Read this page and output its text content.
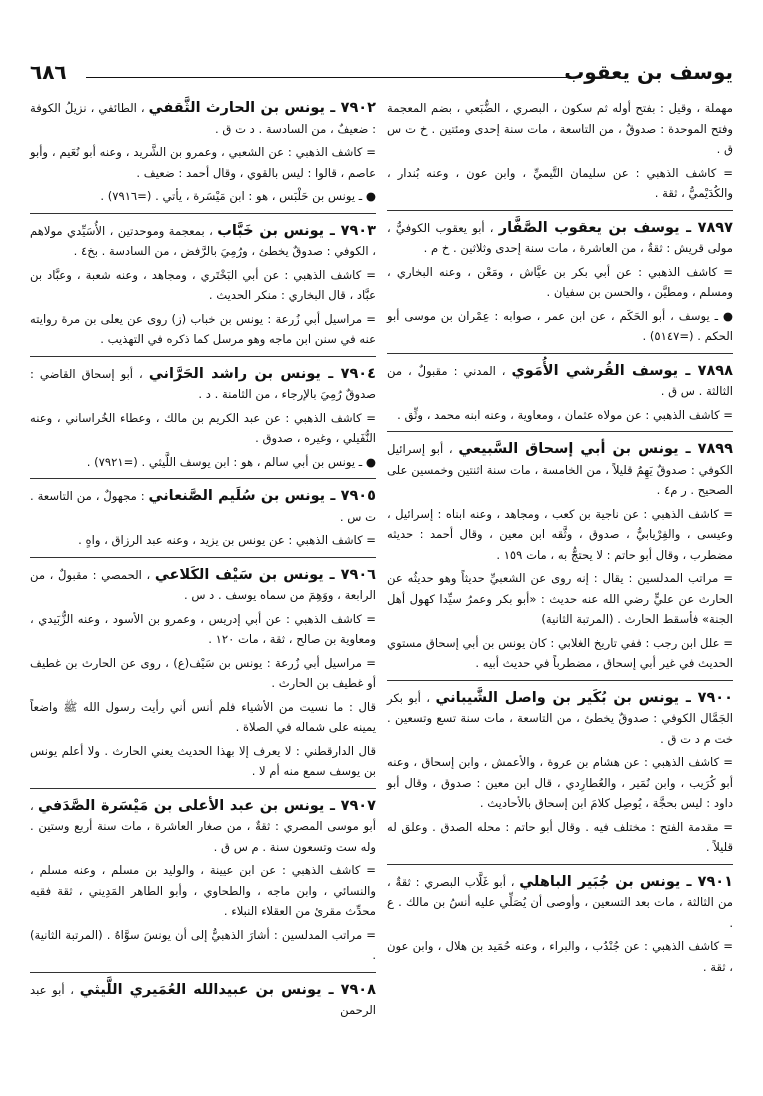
يوسف بن يعقوب
٦٨٦

مهملة ، وقيل : بفتح أوله ثم سكون ، البصري ، الضُّبَعي ، بضم المعجمة وفتح الموحدة : صدوقٌ ، من التاسعة ، مات سنة إحدى ومئتين . خ ت س ق .

= كاشف الذهبي : عن سليمان التَّيميِّ ، وابن عون ، وعنه بُندار ، والكُدَيْميُّ ، ثقة .

٧٨٩٧ ـ يوسف بن يعقوب الصَّفَّار ، أبو يعقوب الكوفيُّ ، مولى قريش : ثقةٌ ، من العاشرة ، مات سنة إحدى وثلاثين . خ م .

= كاشف الذهبي : عن أبي بكر بن عيَّاش ، ومَعْن ، وعنه البخاري ، ومسلم ، ومطيَّن ، والحسن بن سفيان .

● ـ يوسف ، أبو الحَكَم ، عن ابن عمر ، صوابه : عِمْران بن موسى أبو الحكم . (=٥١٤٧) .

٧٨٩٨ ـ يوسف القُرشي الأُمَوي ، المدني : مقبولٌ ، من الثالثة . س ق .

= كاشف الذهبي : عن مولاه عثمان ، ومعاوية ، وعنه ابنه محمد ، وثِّق .

٧٨٩٩ ـ يونس بن أبي إسحاق السَّبيعي ، أبو إسرائيل الكوفي : صدوقٌ يَهِمُ قليلاً ، من الخامسة ، مات سنة اثنتين وخمسين على الصحيح . ر م٤ .

= كاشف الذهبي : عن ناجية بن كعب ، ومجاهد ، وعنه ابناه : إسرائيل ، وعيسى ، والفِرْيابيُّ ، صدوق ، وثَّقه ابن معين ، وقال أحمد : حديثه مضطرب ، وقال أبو حاتم : لا يحتجُّ به ، مات ١٥٩ .

= مراتب المدلسين : يقال : إنه روى عن الشعبيِّ حديثاً وهو حديثُه عن الحارث عن عليٍّ رضي الله عنه حديث : «أبو بكر وعمرُ سيِّدا كهول أهل الجنة» فأسقط الحارث . (المرتبة الثانية)

= علل ابن رجب : ففي تاريخ الغلابي : كان يونس بن أبي إسحاق مستوي الحديث في غير أبي إسحاق ، مضطرباً في حديث أبيه .

٧٩٠٠ ـ يونس بن بُكَير بن واصل الشَّيباني ، أبو بكر الجَمَّال الكوفي : صدوقٌ يخطئ ، من التاسعة ، مات سنة تسع وتسعين . خت م د ت ق .

= كاشف الذهبي : عن هشام بن عروة ، والأعمش ، وابن إسحاق ، وعنه أبو كُرَيب ، وابن نُمَير ، والعُطارِدي ، قال ابن معين : صدوق ، وقال أبو داود : ليس بحجَّة ، يُوصِل كلامَ ابن إسحاق بالأحاديث .

= مقدمة الفتح : مختلف فيه . وقال أبو حاتم : محله الصدق . وعلق له قليلاً .

٧٩٠١ ـ يونس بن جُبَير الباهلي ، أبو غَلَّاب البصري : ثقةٌ ، من الثالثة ، مات بعد التسعين ، وأوصى أن يُصَلِّي عليه أنسُ بن مالك . ع .

= كاشف الذهبي : عن جُنْدُب ، والبراء ، وعنه حُمَيد بن هلال ، وابن عون ، ثقة .

٧٩٠٢ ـ يونس بن الحارث الثَّقفي ، الطائفي ، نزيلُ الكوفة : ضعيفٌ ، من السادسة . د ت ق .

= كاشف الذهبي : عن الشعبي ، وعمرو بن الشَّريد ، وعنه أبو نُعَيم ، وأبو عاصم ، قالوا : ليس بالقوي ، وقال أحمد : ضعيف .

● ـ يونس بن حَلْبَس ، هو : ابن مَيْسَرة ، يأتي . (=٧٩١٦) .

٧٩٠٣ ـ يونس بن خَبَّاب ، بمعجمة وموحدتين ، الأُسَيِّدي مولاهم ، الكوفي : صدوقٌ يخطئ ، ورُمِيَ بالرَّفض ، من السادسة . بخ٤ .

= كاشف الذهبي : عن أبي البَخْتَري ، ومجاهد ، وعنه شعبة ، وعبَّاد بن عبَّاد ، قال البخاري : منكر الحديث .

= مراسيل أبي زُرعة : يونس بن خباب (ز) روى عن يعلى بن مرة روايته عنه في سنن ابن ماجه وهو مرسل كما ذكره في التهذيب .

٧٩٠٤ ـ يونس بن راشد الحَرَّاني ، أبو إسحاق القاضي : صدوقٌ رُمِيَ بالإرجاء ، من الثامنة . د .

= كاشف الذهبي : عن عبد الكريم بن مالك ، وعطاء الخُراساني ، وعنه النُّفَيلي ، وغيره ، صدوق .

● ـ يونس بن أبي سالم ، هو : ابن يوسف اللَّيثي . (=٧٩٢١) .

٧٩٠٥ ـ يونس بن سُلَيم الصَّنعاني : مجهولٌ ، من التاسعة . ت س .

= كاشف الذهبي : عن يونس بن يزيد ، وعنه عبد الرزاق ، واهٍ .

٧٩٠٦ ـ يونس بن سَيْف الكَلاعي ، الحمصي : مقبولٌ ، من الرابعة ، ووَهِمَ من سماه يوسف . د س .

= كاشف الذهبي : عن أبي إدريس ، وعمرو بن الأسود ، وعنه الزُّبَيدي ، ومعاوية بن صالح ، ثقة ، مات ١٢٠ .

= مراسيل أبي زُرعة : يونس بن سَيْف(ع) ، روى عن الحارث بن غطيف أو غطيف بن الحارث .

قال : ما نسيت من الأشياء فلم أنس أني رأيت رسول الله ﷺ واضعاً يمينه على شماله في الصلاة .

قال الدارقطني : لا يعرف إلا بهذا الحديث يعني الحارث . ولا أعلم يونس بن يوسف سمع منه أم لا .

٧٩٠٧ ـ يونس بن عبد الأعلى بن مَيْسَرة الصَّدَفي ، أبو موسى المصري : ثقةٌ ، من صغار العاشرة ، مات سنة أربع وستين . وله ست وتسعون سنة . م س ق .

= كاشف الذهبي : عن ابن عيينة ، والوليد بن مسلم ، وعنه مسلم ، والنسائي ، وابن ماجه ، والطحاوي ، وأبو الطاهر المَدِيني ، ثقة فقيه محدِّث مقرئ من العقلاء النبلاء .

= مراتب المدلسين : أشارَ الذهبيُّ إلى أن يونسَ سوَّاهُ . (المرتبة الثانية) .

٧٩٠٨ ـ يونس بن عبيدالله العُمَيري اللَّيثي ، أبو عبد الرحمن
